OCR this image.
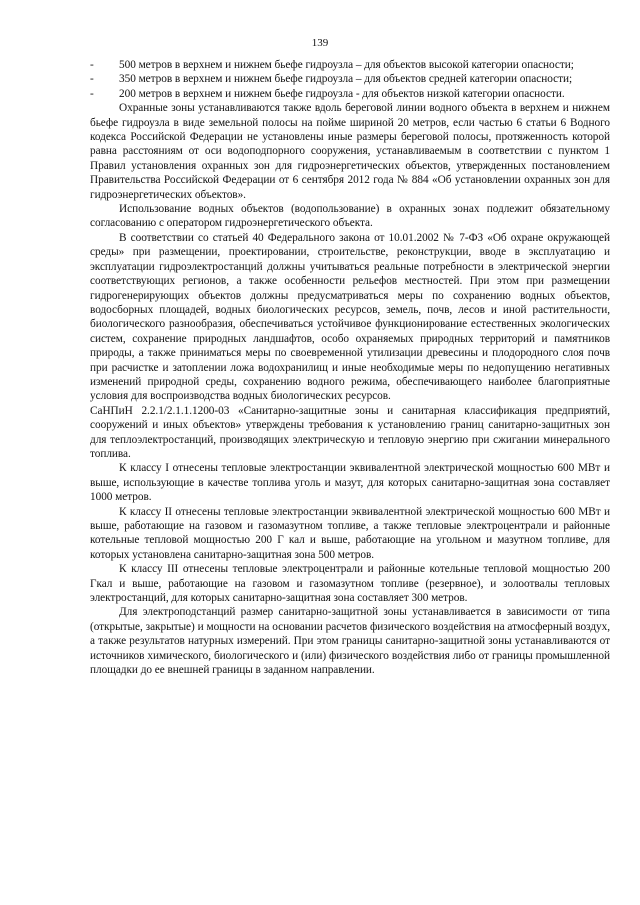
139

- 500 метров в верхнем и нижнем бьефе гидроузла – для объектов высокой категории опасности;

- 350 метров в верхнем и нижнем бьефе гидроузла – для объектов средней категории опасности;

- 200 метров в верхнем и нижнем бьефе гидроузла - для объектов низкой категории опасности.

Охранные зоны устанавливаются также вдоль береговой линии водного объекта в верхнем и нижнем бьефе гидроузла в виде земельной полосы на пойме шириной 20 метров, если частью 6 статьи 6 Водного кодекса Российской Федерации не установлены иные размеры береговой полосы, протяженность которой равна расстояниям от оси водоподпорного сооружения, устанавливаемым в соответствии с пунктом 1 Правил установления охранных зон для гидроэнергетических объектов, утвержденных постановлением Правительства Российской Федерации от 6 сентября 2012 года № 884 «Об установлении охранных зон для гидроэнергетических объектов».

Использование водных объектов (водопользование) в охранных зонах подлежит обязательному согласованию с оператором гидроэнергетического объекта.

В соответствии со статьей 40 Федерального закона от 10.01.2002 № 7-ФЗ «Об охране окружающей среды» при размещении, проектировании, строительстве, реконструкции, вводе в эксплуатацию и эксплуатации гидроэлектростанций должны учитываться реальные потребности в электрической энергии соответствующих регионов, а также особенности рельефов местностей. При этом при размещении гидрогенерирующих объектов должны предусматриваться меры по сохранению водных объектов, водосборных площадей, водных биологических ресурсов, земель, почв, лесов и иной растительности, биологического разнообразия, обеспечиваться устойчивое функционирование естественных экологических систем, сохранение природных ландшафтов, особо охраняемых природных территорий и памятников природы, а также приниматься меры по своевременной утилизации древесины и плодородного слоя почв при расчистке и затоплении ложа водохранилищ и иные необходимые меры по недопущению негативных изменений природной среды, сохранению водного режима, обеспечивающего наиболее благоприятные условия для воспроизводства водных биологических ресурсов.

СаНПиН 2.2.1/2.1.1.1200-03 «Санитарно-защитные зоны и санитарная классификация предприятий, сооружений и иных объектов» утверждены требования к установлению границ санитарно-защитных зон для теплоэлектростанций, производящих электрическую и тепловую энергию при сжигании минерального топлива.

К классу I отнесены тепловые электростанции эквивалентной электрической мощностью 600 МВт и выше, использующие в качестве топлива уголь и мазут, для которых санитарно-защитная зона составляет 1000 метров.

К классу II отнесены тепловые электростанции эквивалентной электрической мощностью 600 МВт и выше, работающие на газовом и газомазутном топливе, а также тепловые электроцентрали и районные котельные тепловой мощностью 200 Г кал и выше, работающие на угольном и мазутном топливе, для которых установлена санитарно-защитная зона 500 метров.

К классу III отнесены тепловые электроцентрали и районные котельные тепловой мощностью 200 Гкал и выше, работающие на газовом и газомазутном топливе (резервное), и золоотвалы тепловых электростанций, для которых санитарно-защитная зона составляет 300 метров.

Для электроподстанций размер санитарно-защитной зоны устанавливается в зависимости от типа (открытые, закрытые) и мощности на основании расчетов физического воздействия на атмосферный воздух, а также результатов натурных измерений. При этом границы санитарно-защитной зоны устанавливаются от источников химического, биологического и (или) физического воздействия либо от границы промышленной площадки до ее внешней границы в заданном направлении.
